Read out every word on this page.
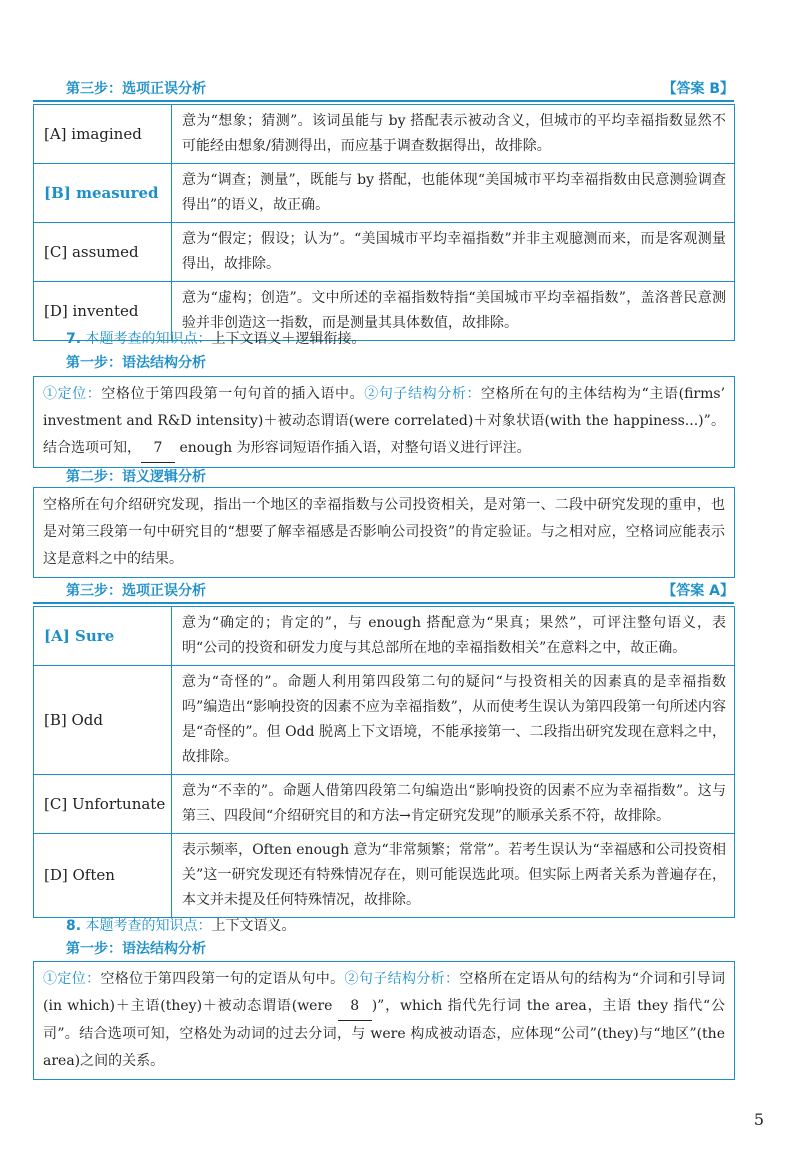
第三步：选项正误分析	【答案 B】
[A] imagined	意为“想象；猜测”。该词虽能与 by 搭配表示被动含义，但城市的平均幸福指数显然不可能经由想象/猜测得出，而应基于调查数据得出，故排除。
[B] measured	意为“调查；测量”，既能与 by 搭配，也能体现“美国城市平均幸福指数由民意测验调查得出”的语义，故正确。
[C] assumed	意为“假定；假设；认为”。“美国城市平均幸福指数”并非主观臆测而来，而是客观测量得出，故排除。
[D] invented	意为“虚构；创造”。文中所述的幸福指数特指“美国城市平均幸福指数”，盖洛普民意测验并非创造这一指数，而是测量其具体数值，故排除。
7. 本题考查的知识点：上下文语义＋逻辑衔接。
第一步：语法结构分析
①定位：空格位于第四段第一句句首的插入语中。②句子结构分析：空格所在句的主体结构为“主语(firms’ investment and R&D intensity)＋被动态谓语(were correlated)＋对象状语(with the happiness...)”。结合选项可知， 7 enough 为形容词短语作插入语，对整句语义进行评注。
第二步：语义逻辑分析
空格所在句介绍研究发现，指出一个地区的幸福指数与公司投资相关，是对第一、二段中研究发现的重申，也是对第三段第一句中研究目的“想要了解幸福感是否影响公司投资”的肯定验证。与之相对应，空格词应能表示这是意料之中的结果。
第三步：选项正误分析	【答案 A】
[A] Sure	意为“确定的；肯定的”，与 enough 搭配意为“果真；果然”，可评注整句语义，表明“公司的投资和研发力度与其总部所在地的幸福指数相关”在意料之中，故正确。
[B] Odd	意为“奇怪的”。命题人利用第四段第二句的疑问“与投资相关的因素真的是幸福指数吗”编造出“影响投资的因素不应为幸福指数”，从而使考生误认为第四段第一句所述内容是“奇怪的”。但 Odd 脱离上下文语境，不能承接第一、二段指出研究发现在意料之中，故排除。
[C] Unfortunate	意为“不幸的”。命题人借第四段第二句编造出“影响投资的因素不应为幸福指数”。这与第三、四段间“介绍研究目的和方法→肯定研究发现”的顺承关系不符，故排除。
[D] Often	表示频率，Often enough 意为“非常频繁；常常”。若考生误认为“幸福感和公司投资相关”这一研究发现还有特殊情况存在，则可能误选此项。但实际上两者关系为普遍存在，本文并未提及任何特殊情况，故排除。
8. 本题考查的知识点：上下文语义。
第一步：语法结构分析
①定位：空格位于第四段第一句的定语从句中。②句子结构分析：空格所在定语从句的结构为“介词和引导词(in which)＋主语(they)＋被动态谓语(were 8 )”，which 指代先行词 the area，主语 they 指代“公司”。结合选项可知，空格处为动词的过去分词，与 were 构成被动语态，应体现“公司”(they)与“地区”(the area)之间的关系。
5
